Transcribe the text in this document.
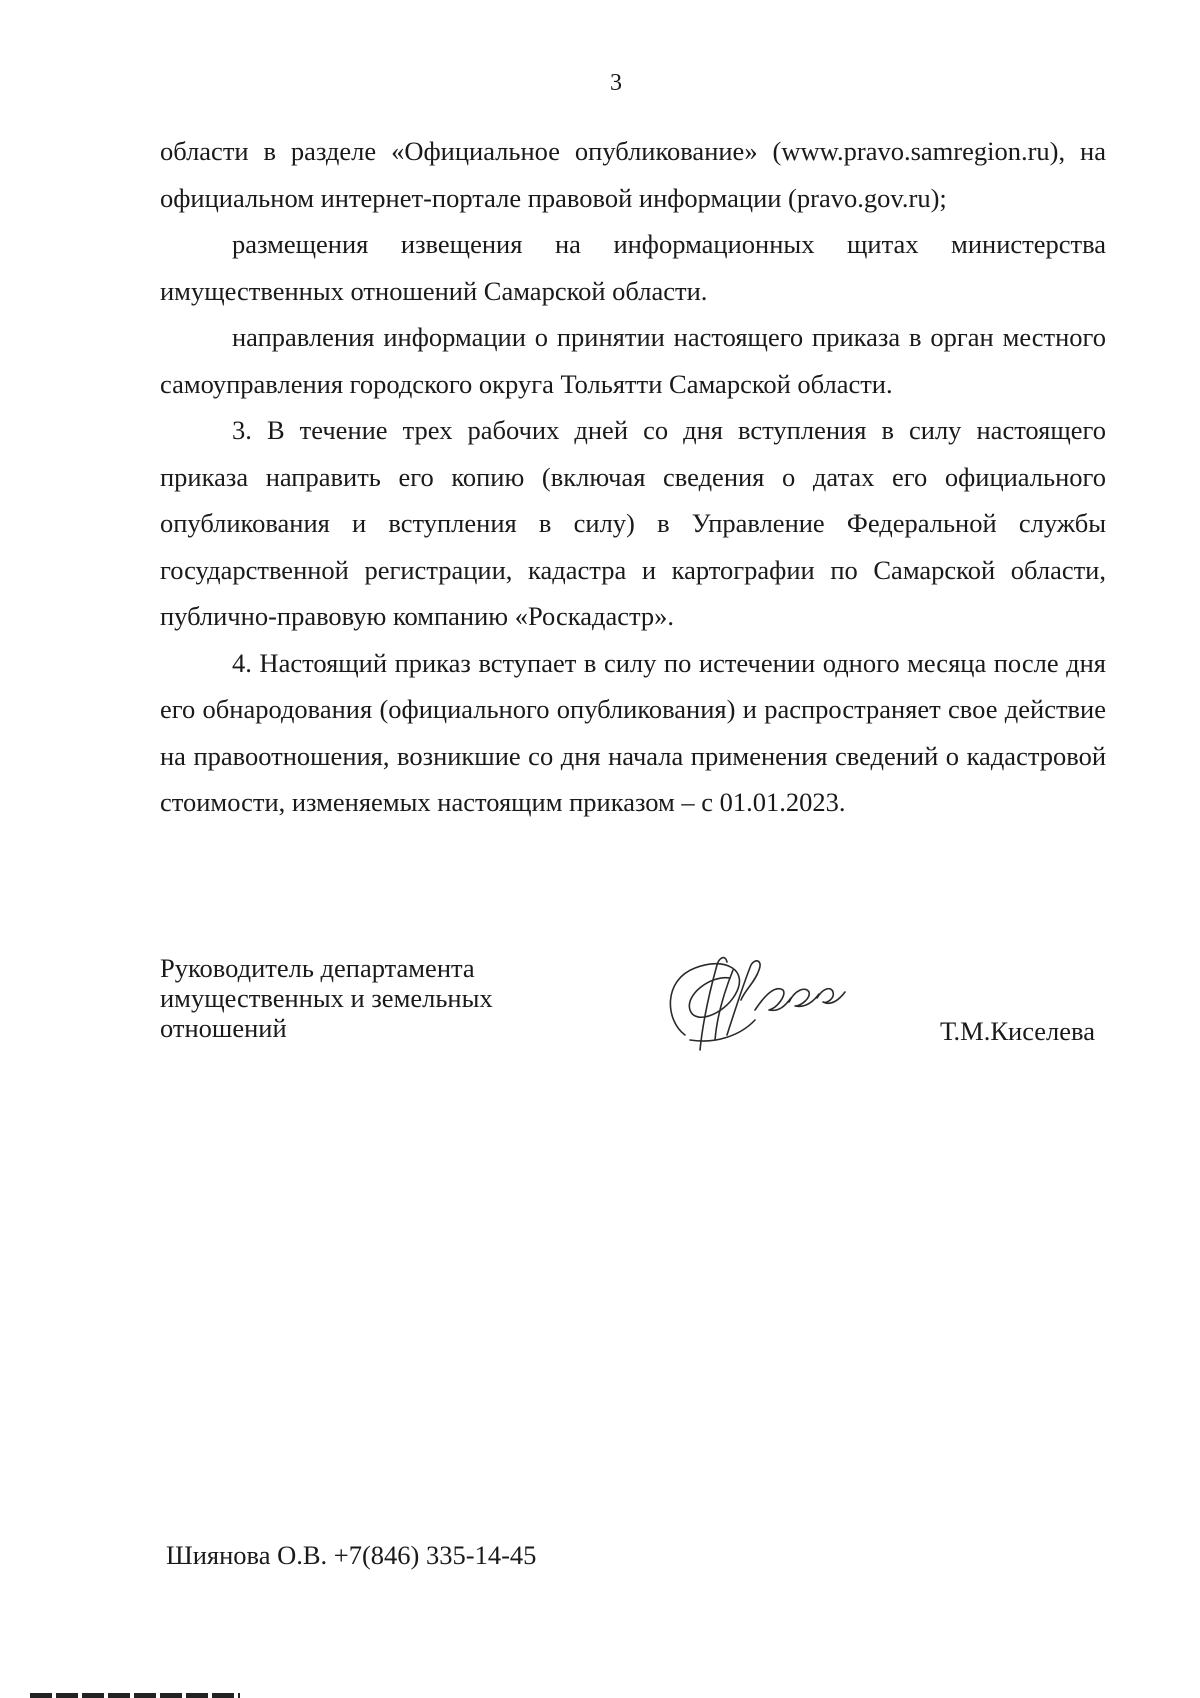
3

области в разделе «Официальное опубликование» (www.pravo.samregion.ru), на официальном интернет-портале правовой информации (pravo.gov.ru);

размещения извещения на информационных щитах министерства имущественных отношений Самарской области.

направления информации о принятии настоящего приказа в орган местного самоуправления городского округа Тольятти Самарской области.

3. В течение трех рабочих дней со дня вступления в силу настоящего приказа направить его копию (включая сведения о датах его официального опубликования и вступления в силу) в Управление Федеральной службы государственной регистрации, кадастра и картографии по Самарской области, публично-правовую компанию «Роскадастр».

4. Настоящий приказ вступает в силу по истечении одного месяца после дня его обнародования (официального опубликования) и распространяет свое действие на правоотношения, возникшие со дня начала применения сведений о кадастровой стоимости, изменяемых настоящим приказом – с 01.01.2023.

Руководитель департамента
имущественных и земельных
отношений	Т.М.Киселева
Шиянова О.В. +7(846) 335-14-45
